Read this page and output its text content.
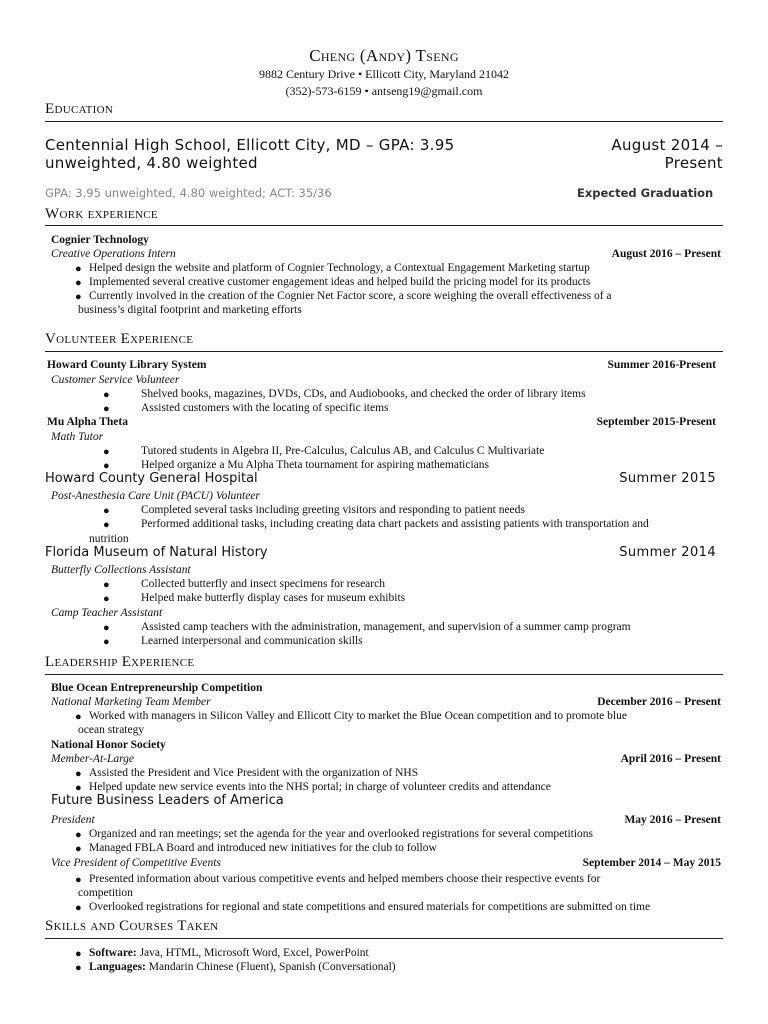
Cheng (Andy) Tseng
9882 Century Drive • Ellicott City, Maryland 21042
(352)-573-6159 • antseng19@gmail.com
Education
Centennial High School, Ellicott City, MD – GPA: 3.95
unweighted, 4.80 weighted
August 2014 –
Present
GPA: 3.95 unweighted, 4.80 weighted; ACT: 35/36	Expected Graduation
Work experience
Cognier Technology
Creative Operations Intern	August 2016 – Present
● Helped design the website and platform of Cognier Technology, a Contextual Engagement Marketing startup
● Implemented several creative customer engagement ideas and helped build the pricing model for its products
● Currently involved in the creation of the Cognier Net Factor score, a score weighing the overall effectiveness of a
business’s digital footprint and marketing efforts
Volunteer Experience
Howard County Library System	Summer 2016-Present
Customer Service Volunteer
●	Shelved books, magazines, DVDs, CDs, and Audiobooks, and checked the order of library items
●	Assisted customers with the locating of specific items
Mu Alpha Theta	September 2015-Present
Math Tutor
●	Tutored students in Algebra II, Pre-Calculus, Calculus AB, and Calculus C Multivariate
●	Helped organize a Mu Alpha Theta tournament for aspiring mathematicians
Howard County General Hospital	Summer 2015
Post-Anesthesia Care Unit (PACU) Volunteer
●	Completed several tasks including greeting visitors and responding to patient needs
●	Performed additional tasks, including creating data chart packets and assisting patients with transportation and
nutrition
Florida Museum of Natural History	Summer 2014
Butterfly Collections Assistant
●	Collected butterfly and insect specimens for research
●	Helped make butterfly display cases for museum exhibits
Camp Teacher Assistant
●	Assisted camp teachers with the administration, management, and supervision of a summer camp program
●	Learned interpersonal and communication skills
Leadership Experience
Blue Ocean Entrepreneurship Competition
National Marketing Team Member	December 2016 – Present
● Worked with managers in Silicon Valley and Ellicott City to market the Blue Ocean competition and to promote blue
ocean strategy
National Honor Society
Member-At-Large	April 2016 – Present
● Assisted the President and Vice President with the organization of NHS
● Helped update new service events into the NHS portal; in charge of volunteer credits and attendance
Future Business Leaders of America
President	May 2016 – Present
● Organized and ran meetings; set the agenda for the year and overlooked registrations for several competitions
● Managed FBLA Board and introduced new initiatives for the club to follow
Vice President of Competitive Events	September 2014 – May 2015
● Presented information about various competitive events and helped members choose their respective events for
competition
● Overlooked registrations for regional and state competitions and ensured materials for competitions are submitted on time
Skills and Courses Taken
● Software: Java, HTML, Microsoft Word, Excel, PowerPoint
● Languages: Mandarin Chinese (Fluent), Spanish (Conversational)
